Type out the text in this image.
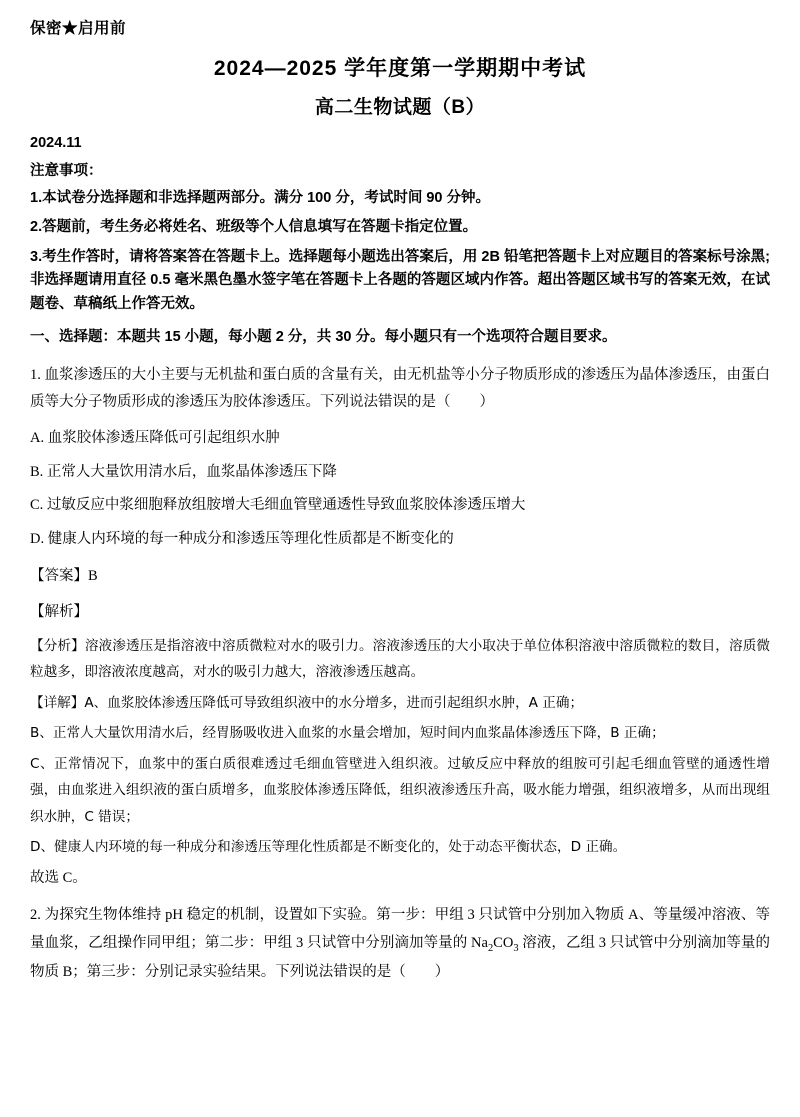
保密★启用前
2024—2025 学年度第一学期期中考试
高二生物试题（B）
2024.11
注意事项：
1.本试卷分选择题和非选择题两部分。满分 100 分，考试时间 90 分钟。
2.答题前，考生务必将姓名、班级等个人信息填写在答题卡指定位置。
3.考生作答时，请将答案答在答题卡上。选择题每小题选出答案后，用 2B 铅笔把答题卡上对应题目的答案标号涂黑;非选择题请用直径 0.5 毫米黑色墨水签字笔在答题卡上各题的答题区域内作答。超出答题区域书写的答案无效，在试题卷、草稿纸上作答无效。
一、选择题：本题共 15 小题，每小题 2 分，共 30 分。每小题只有一个选项符合题目要求。
1. 血浆渗透压的大小主要与无机盐和蛋白质的含量有关，由无机盐等小分子物质形成的渗透压为晶体渗透压，由蛋白质等大分子物质形成的渗透压为胶体渗透压。下列说法错误的是（　　）
A. 血浆胶体渗透压降低可引起组织水肿
B. 正常人大量饮用清水后，血浆晶体渗透压下降
C. 过敏反应中浆细胞释放组胺增大毛细血管壁通透性导致血浆胶体渗透压增大
D. 健康人内环境的每一种成分和渗透压等理化性质都是不断变化的
【答案】B
【解析】
【分析】溶液渗透压是指溶液中溶质微粒对水的吸引力。溶液渗透压的大小取决于单位体积溶液中溶质微粒的数目，溶质微粒越多，即溶液浓度越高，对水的吸引力越大，溶液渗透压越高。
【详解】A、血浆胶体渗透压降低可导致组织液中的水分增多，进而引起组织水肿，A 正确；
B、正常人大量饮用清水后，经胃肠吸收进入血浆的水量会增加，短时间内血浆晶体渗透压下降，B 正确；
C、正常情况下，血浆中的蛋白质很难透过毛细血管壁进入组织液。过敏反应中释放的组胺可引起毛细血管壁的通透性增强，由血浆进入组织液的蛋白质增多，血浆胶体渗透压降低，组织液渗透压升高，吸水能力增强，组织液增多，从而出现组织水肿，C 错误；
D、健康人内环境的每一种成分和渗透压等理化性质都是不断变化的，处于动态平衡状态，D 正确。
故选 C。
2. 为探究生物体维持 pH 稳定的机制，设置如下实验。第一步：甲组 3 只试管中分别加入物质 A、等量缓冲溶液、等量血浆，乙组操作同甲组；第二步：甲组 3 只试管中分别滴加等量的 $Na_2CO_3$ 溶液，乙组 3 只试管中分别滴加等量的物质 B；第三步：分别记录实验结果。下列说法错误的是（　　）
